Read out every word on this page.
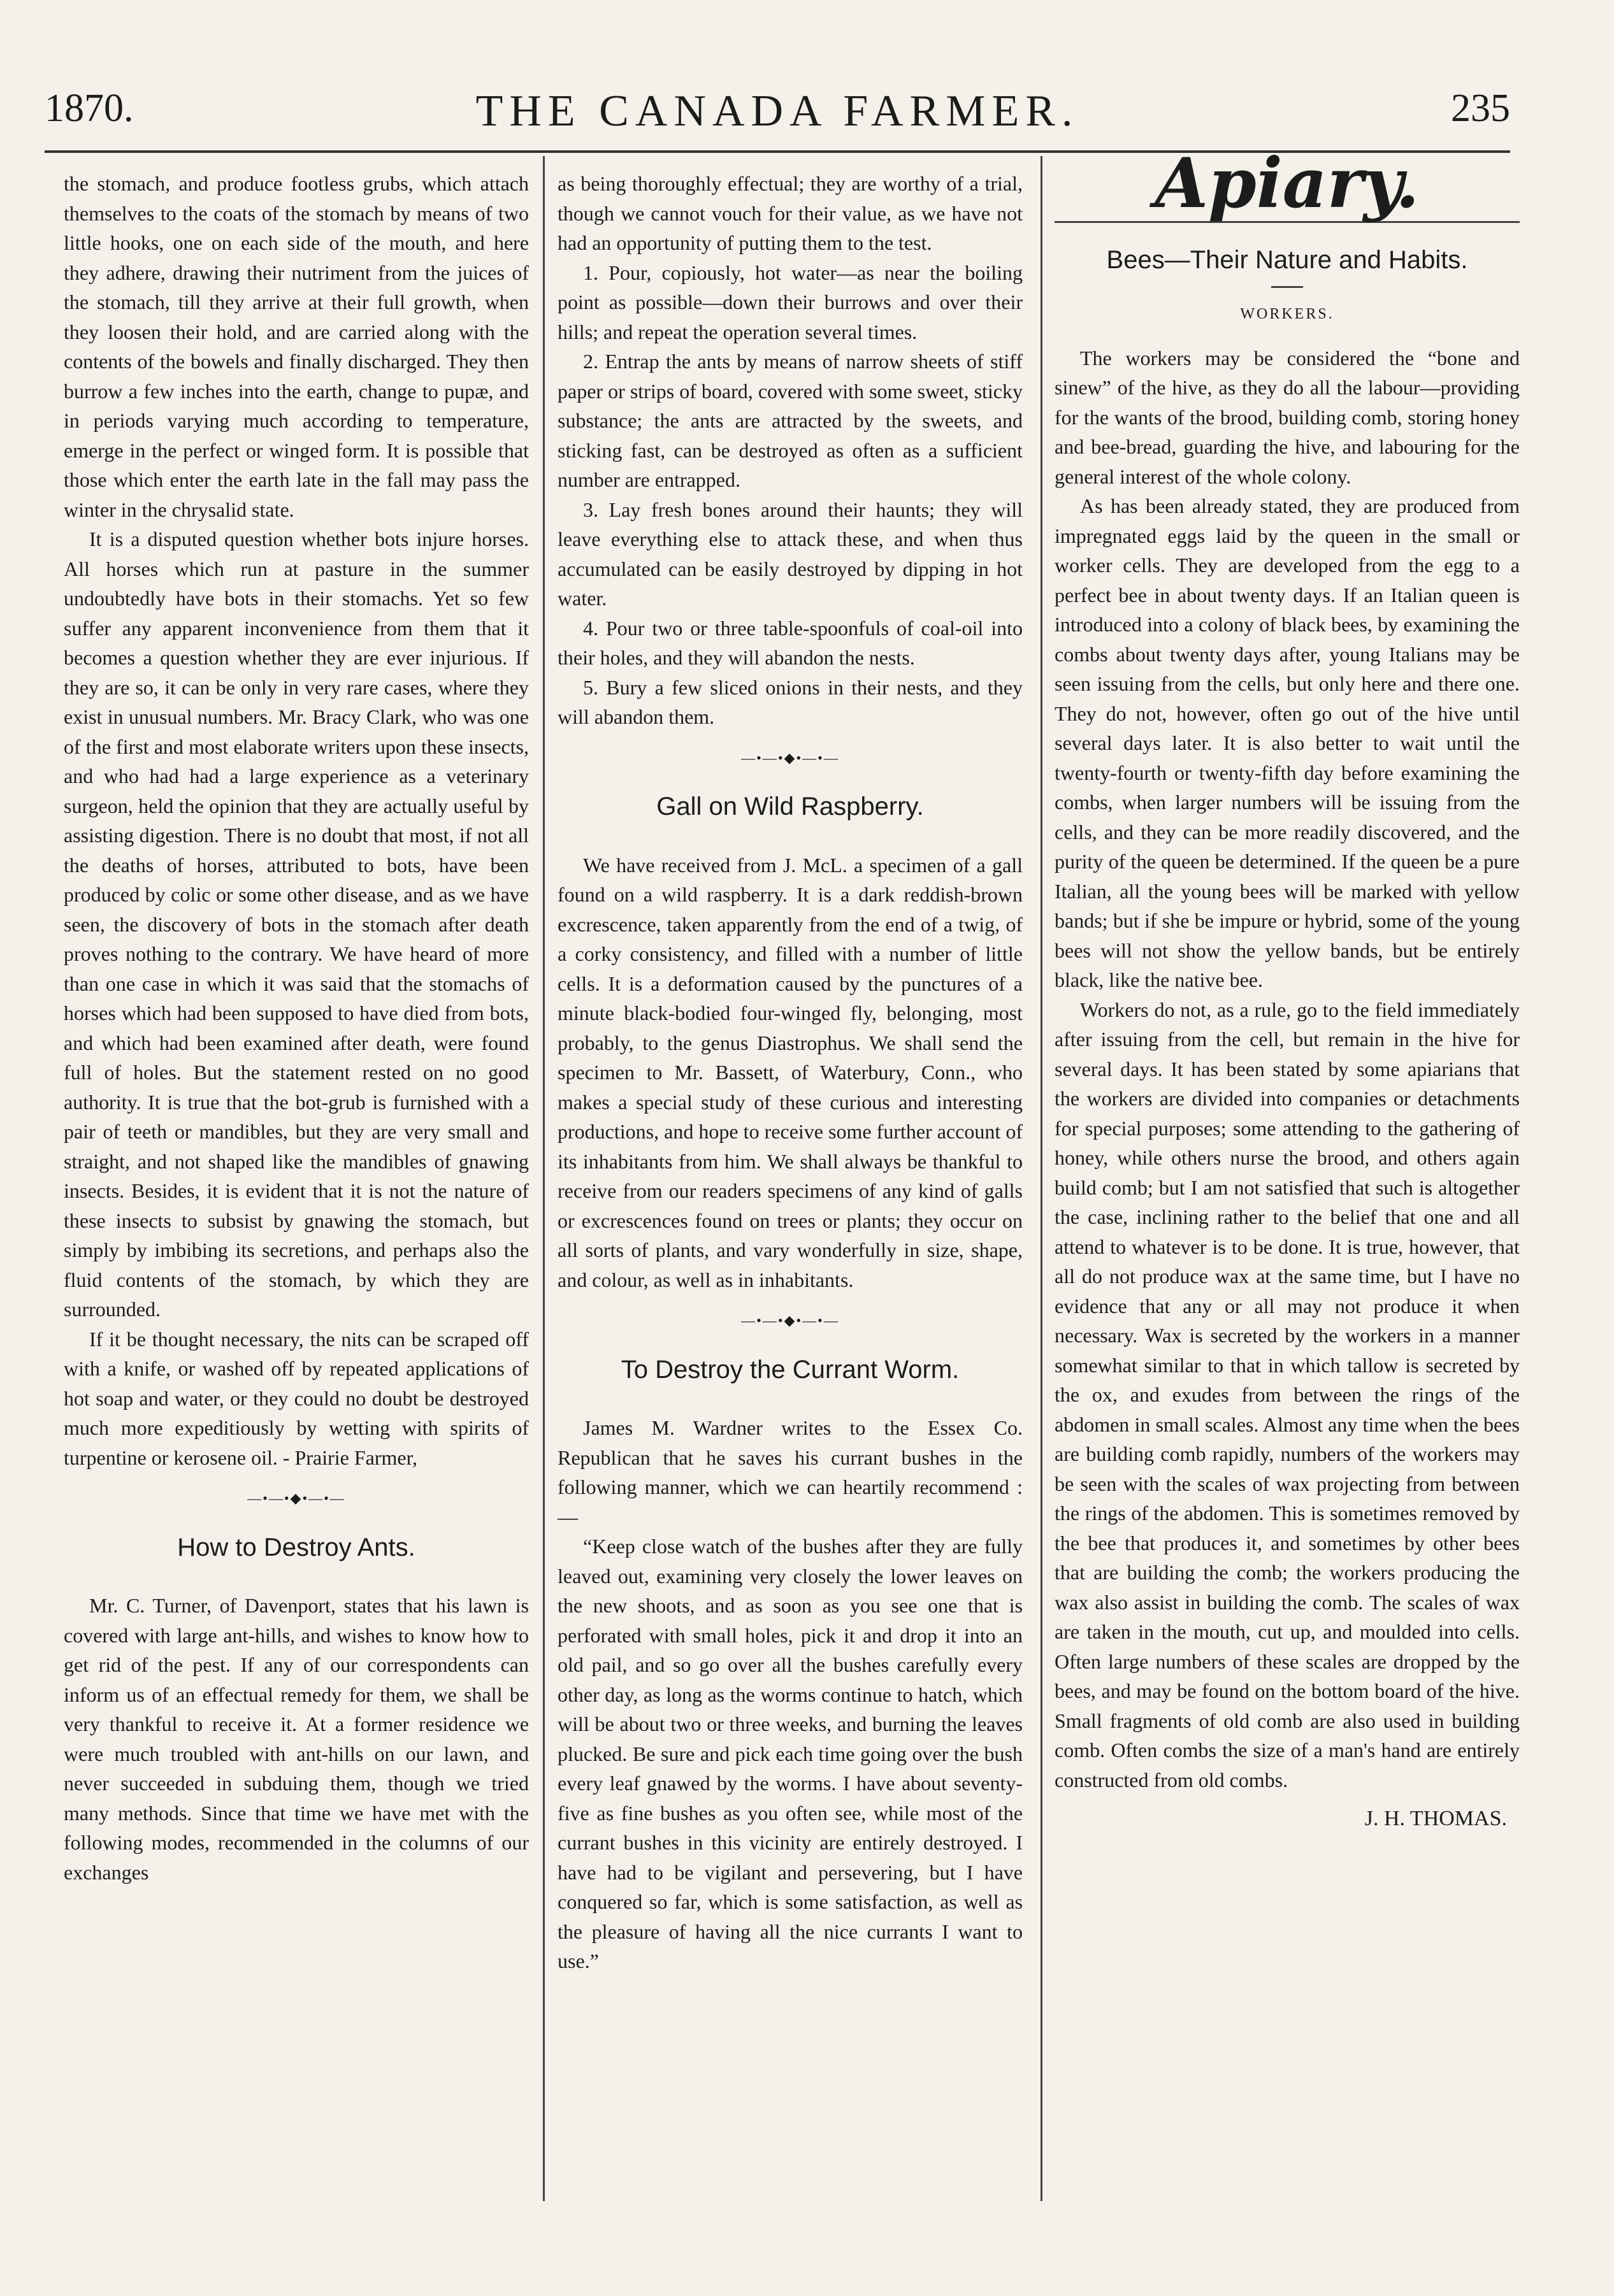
1870.	THE CANADA FARMER.	235

the stomach, and produce footless grubs, which attach themselves to the coats of the stomach by means of two little hooks, one on each side of the mouth, and here they adhere, drawing their nutriment from the juices of the stomach, till they arrive at their full growth, when they loosen their hold, and are carried along with the contents of the bowels and finally discharged. They then burrow a few inches into the earth, change to pupæ, and in periods varying much according to temperature, emerge in the perfect or winged form. It is possible that those which enter the earth late in the fall may pass the winter in the chrysalid state.

It is a disputed question whether bots injure horses. All horses which run at pasture in the summer undoubtedly have bots in their stomachs. Yet so few suffer any apparent inconvenience from them that it becomes a question whether they are ever injurious. If they are so, it can be only in very rare cases, where they exist in unusual numbers. Mr. Bracy Clark, who was one of the first and most elaborate writers upon these insects, and who had had a large experience as a veterinary surgeon, held the opinion that they are actually useful by assisting digestion. There is no doubt that most, if not all the deaths of horses, attributed to bots, have been produced by colic or some other disease, and as we have seen, the discovery of bots in the stomach after death proves nothing to the contrary. We have heard of more than one case in which it was said that the stomachs of horses which had been supposed to have died from bots, and which had been examined after death, were found full of holes. But the statement rested on no good authority. It is true that the bot-grub is furnished with a pair of teeth or mandibles, but they are very small and straight, and not shaped like the mandibles of gnawing insects. Besides, it is evident that it is not the nature of these insects to subsist by gnawing the stomach, but simply by imbibing its secretions, and perhaps also the fluid contents of the stomach, by which they are surrounded.

If it be thought necessary, the nits can be scraped off with a knife, or washed off by repeated applications of hot soap and water, or they could no doubt be destroyed much more expeditiously by wetting with spirits of turpentine or kerosene oil. - Prairie Farmer,

—•—•◆•—•—
How to Destroy Ants.

Mr. C. Turner, of Davenport, states that his lawn is covered with large ant-hills, and wishes to know how to get rid of the pest. If any of our correspondents can inform us of an effectual remedy for them, we shall be very thankful to receive it. At a former residence we were much troubled with ant-hills on our lawn, and never succeeded in subduing them, though we tried many methods. Since that time we have met with the following modes, recommended in the columns of our exchanges

as being thoroughly effectual; they are worthy of a trial, though we cannot vouch for their value, as we have not had an opportunity of putting them to the test.

1. Pour, copiously, hot water—as near the boiling point as possible—down their burrows and over their hills; and repeat the operation several times.

2. Entrap the ants by means of narrow sheets of stiff paper or strips of board, covered with some sweet, sticky substance; the ants are attracted by the sweets, and sticking fast, can be destroyed as often as a sufficient number are entrapped.

3. Lay fresh bones around their haunts; they will leave everything else to attack these, and when thus accumulated can be easily destroyed by dipping in hot water.

4. Pour two or three table-spoonfuls of coal-oil into their holes, and they will abandon the nests.

5. Bury a few sliced onions in their nests, and they will abandon them.

—•—•◆•—•—
Gall on Wild Raspberry.

We have received from J. McL. a specimen of a gall found on a wild raspberry. It is a dark reddish-brown excrescence, taken apparently from the end of a twig, of a corky consistency, and filled with a number of little cells. It is a deformation caused by the punctures of a minute black-bodied four-winged fly, belonging, most probably, to the genus Diastrophus. We shall send the specimen to Mr. Bassett, of Waterbury, Conn., who makes a special study of these curious and interesting productions, and hope to receive some further account of its inhabitants from him. We shall always be thankful to receive from our readers specimens of any kind of galls or excrescences found on trees or plants; they occur on all sorts of plants, and vary wonderfully in size, shape, and colour, as well as in inhabitants.

—•—•◆•—•—
To Destroy the Currant Worm.

James M. Wardner writes to the Essex Co. Republican that he saves his currant bushes in the following manner, which we can heartily recommend :—

“Keep close watch of the bushes after they are fully leaved out, examining very closely the lower leaves on the new shoots, and as soon as you see one that is perforated with small holes, pick it and drop it into an old pail, and so go over all the bushes carefully every other day, as long as the worms continue to hatch, which will be about two or three weeks, and burning the leaves plucked. Be sure and pick each time going over the bush every leaf gnawed by the worms. I have about seventy-five as fine bushes as you often see, while most of the currant bushes in this vicinity are entirely destroyed. I have had to be vigilant and persevering, but I have conquered so far, which is some satisfaction, as well as the pleasure of having all the nice currants I want to use.”

Apiary.
Bees—Their Nature and Habits.
WORKERS.

The workers may be considered the “bone and sinew” of the hive, as they do all the labour—providing for the wants of the brood, building comb, storing honey and bee-bread, guarding the hive, and labouring for the general interest of the whole colony.

As has been already stated, they are produced from impregnated eggs laid by the queen in the small or worker cells. They are developed from the egg to a perfect bee in about twenty days. If an Italian queen is introduced into a colony of black bees, by examining the combs about twenty days after, young Italians may be seen issuing from the cells, but only here and there one. They do not, however, often go out of the hive until several days later. It is also better to wait until the twenty-fourth or twenty-fifth day before examining the combs, when larger numbers will be issuing from the cells, and they can be more readily discovered, and the purity of the queen be determined. If the queen be a pure Italian, all the young bees will be marked with yellow bands; but if she be impure or hybrid, some of the young bees will not show the yellow bands, but be entirely black, like the native bee.

Workers do not, as a rule, go to the field immediately after issuing from the cell, but remain in the hive for several days. It has been stated by some apiarians that the workers are divided into companies or detachments for special purposes; some attending to the gathering of honey, while others nurse the brood, and others again build comb; but I am not satisfied that such is altogether the case, inclining rather to the belief that one and all attend to whatever is to be done. It is true, however, that all do not produce wax at the same time, but I have no evidence that any or all may not produce it when necessary. Wax is secreted by the workers in a manner somewhat similar to that in which tallow is secreted by the ox, and exudes from between the rings of the abdomen in small scales. Almost any time when the bees are building comb rapidly, numbers of the workers may be seen with the scales of wax projecting from between the rings of the abdomen. This is sometimes removed by the bee that produces it, and sometimes by other bees that are building the comb; the workers producing the wax also assist in building the comb. The scales of wax are taken in the mouth, cut up, and moulded into cells. Often large numbers of these scales are dropped by the bees, and may be found on the bottom board of the hive. Small fragments of old comb are also used in building comb. Often combs the size of a man's hand are entirely constructed from old combs.

J. H. THOMAS.
